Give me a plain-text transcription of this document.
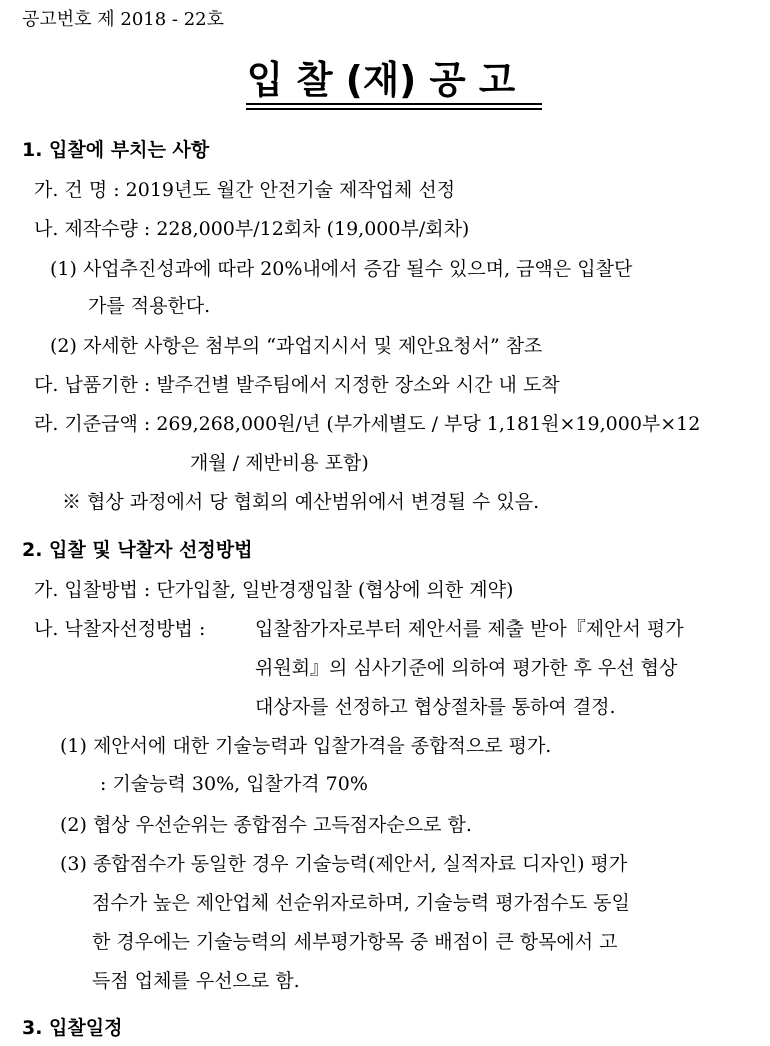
공고번호 제 2018 - 22호
입 찰 (재) 공 고
1. 입찰에 부치는 사항
가. 건 명 : 2019년도 월간 안전기술 제작업체 선정
나. 제작수량 : 228,000부/12회차 (19,000부/회차)
(1) 사업추진성과에 따라 20%내에서 증감 될수 있으며, 금액은 입찰단
가를 적용한다.
(2) 자세한 사항은 첨부의 “과업지시서 및 제안요청서” 참조
다. 납품기한 : 발주건별 발주팀에서 지정한 장소와 시간 내 도착
라. 기준금액 : 269,268,000원/년 (부가세별도 / 부당 1,181원×19,000부×12
개월 / 제반비용 포함)
※ 협상 과정에서 당 협회의 예산범위에서 변경될 수 있음.
2. 입찰 및 낙찰자 선정방법
가. 입찰방법 : 단가입찰, 일반경쟁입찰 (협상에 의한 계약)
나. 낙찰자선정방법 :	입찰참가자로부터 제안서를 제출 받아『제안서 평가
위원회』의 심사기준에 의하여 평가한 후 우선 협상
대상자를 선정하고 협상절차를 통하여 결정.
(1) 제안서에 대한 기술능력과 입찰가격을 종합적으로 평가.
: 기술능력 30%, 입찰가격 70%
(2) 협상 우선순위는 종합점수 고득점자순으로 함.
(3) 종합점수가 동일한 경우 기술능력(제안서, 실적자료 디자인) 평가
점수가 높은 제안업체 선순위자로하며, 기술능력 평가점수도 동일
한 경우에는 기술능력의 세부평가항목 중 배점이 큰 항목에서 고
득점 업체를 우선으로 함.
3. 입찰일정
